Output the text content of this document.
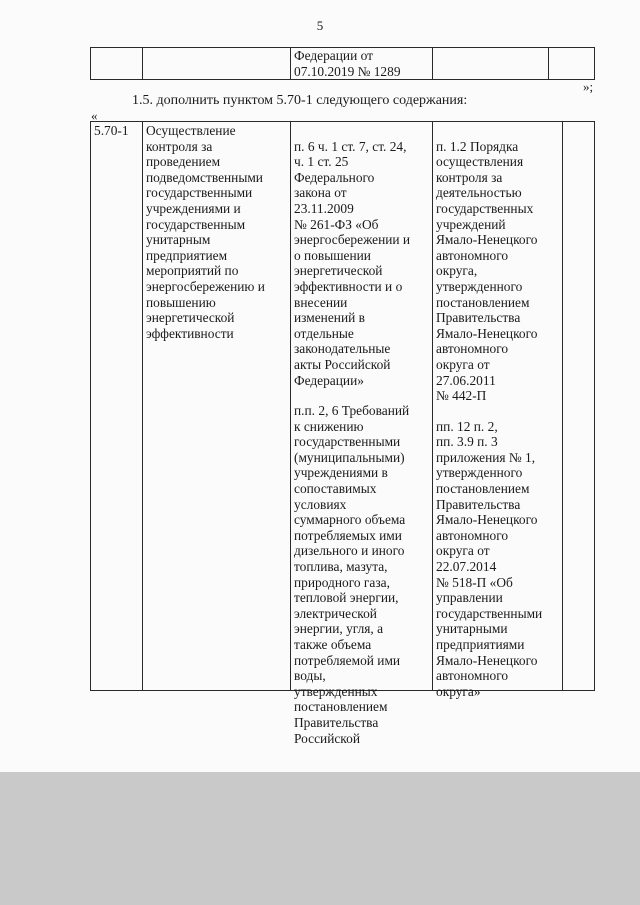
5
Федерации от
07.10.2019 № 1289
»;
1.5. дополнить пунктом 5.70-1 следующего содержания:
«
5.70-1	Осуществление
контроля за
проведением
подведомственными
государственными
учреждениями и
государственным
унитарным
предприятием
мероприятий по
энергосбережению и
повышению
энергетической
эффективности

п. 6 ч. 1 ст. 7, ст. 24,
ч. 1 ст. 25
Федерального
закона от
23.11.2009
№ 261-ФЗ «Об
энергосбережении и
о повышении
энергетической
эффективности и о
внесении
изменений в
отдельные
законодательные
акты Российской
Федерации»
п.п. 2, 6 Требований
к снижению
государственными
(муниципальными)
учреждениями в
сопоставимых
условиях
суммарного объема
потребляемых ими
дизельного и иного
топлива, мазута,
природного газа,
тепловой энергии,
электрической
энергии, угля, а
также объема
потребляемой ими
воды,
утвержденных
постановлением
Правительства
Российской

п. 1.2 Порядка
осуществления
контроля за
деятельностью
государственных
учреждений
Ямало-Ненецкого
автономного
округа,
утвержденного
постановлением
Правительства
Ямало-Ненецкого
автономного
округа от
27.06.2011
№ 442-П
пп. 12 п. 2,
пп. 3.9 п. 3
приложения № 1,
утвержденного
постановлением
Правительства
Ямало-Ненецкого
автономного
округа от
22.07.2014
№ 518-П «Об
управлении
государственными
унитарными
предприятиями
Ямало-Ненецкого
автономного
округа»
